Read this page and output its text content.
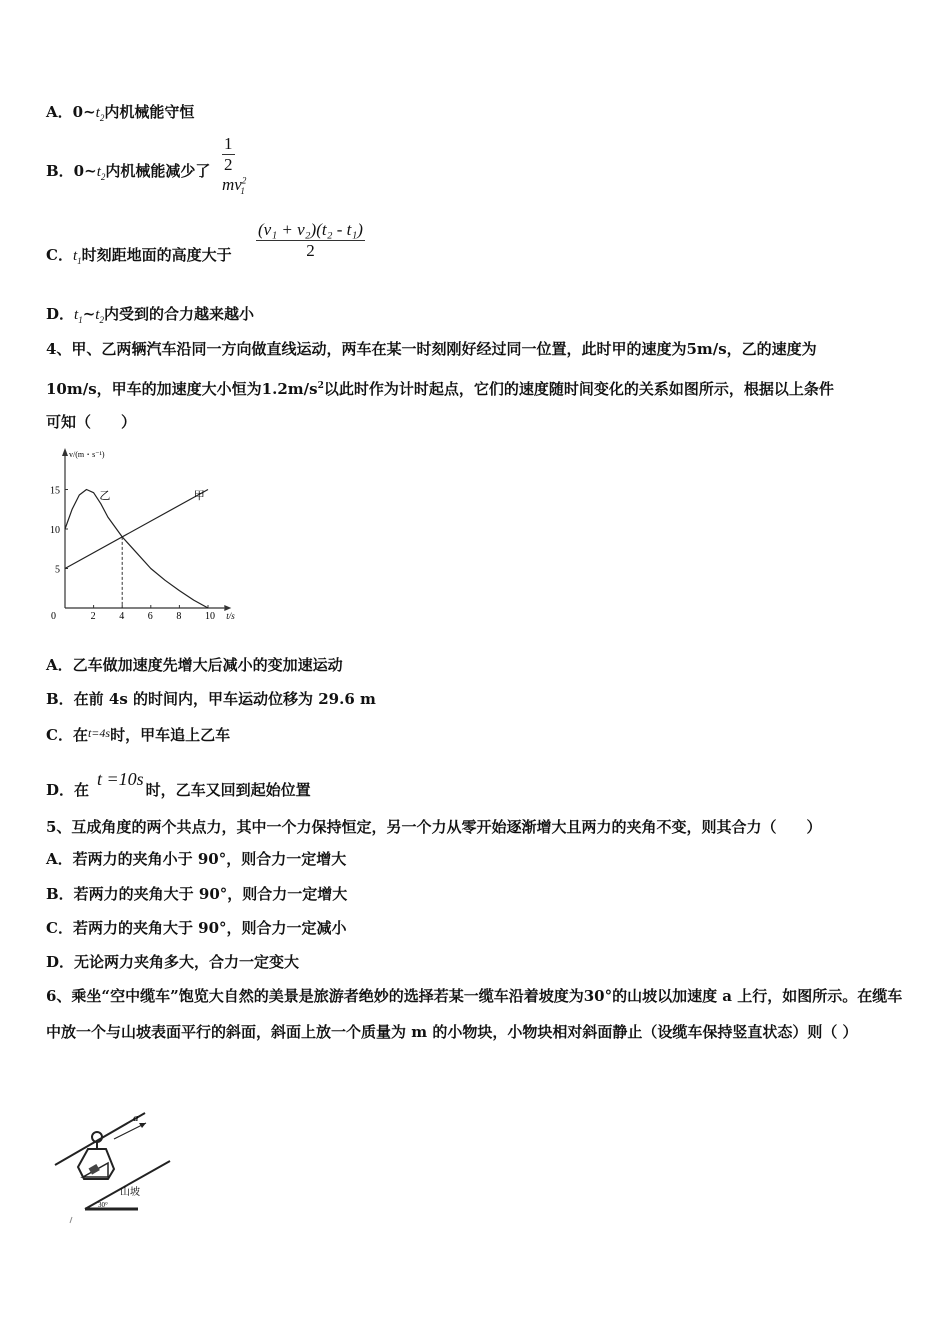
A．$0\sim t_2$内机械能守恒
B．$0\sim t_2$内机械能减少了 $\frac{1}{2}$
$mv^2_1$
C．$t_1$时刻距地面的高度大于 $\frac{\text{(v₁ + v₂)(t₂ - t₁)}}{2}$
D．$t_1\sim t_2$内受到的合力越来越小
4、甲、乙两辆汽车沿同一方向做直线运动，两车在某一时刻刚好经过同一位置，此时甲的速度为5m/s，乙的速度为
10m/s，甲车的加速度大小恒为$1.2m/s^2$以此时作为计时起点，它们的速度随时间变化的关系如图所示，根据以上条件
可知（　　）
v/(m・s⁻¹)
t/s
0	2 4 6 8 10
5
10
15	甲
乙
A．乙车做加速度先增大后减小的变加速运动
B．在前 4s 的时间内，甲车运动位移为 29.6 m
C．在$^{t=4s}$时，甲车追上乙车
D．在t =10s时，乙车又回到起始位置
5、互成角度的两个共点力，其中一个力保持恒定，另一个力从零开始逐渐增大且两力的夹角不变，则其合力（　　）
A．若两力的夹角小于 90°，则合力一定增大
B．若两力的夹角大于 90°，则合力一定增大
C．若两力的夹角大于 90°，则合力一定减小
D．无论两力夹角多大，合力一定变大
6、乘坐“空中缆车”饱览大自然的美景是旅游者绝妙的选择若某一缆车沿着坡度为30°的山坡以加速度 a 上行，如图所示。在缆车中放一个与山坡表面平行的斜面，斜面上放一个质量为 m 的小物块，小物块相对斜面静止（设缆车保持竖直状态）则（ ）
a
30°
山坡
